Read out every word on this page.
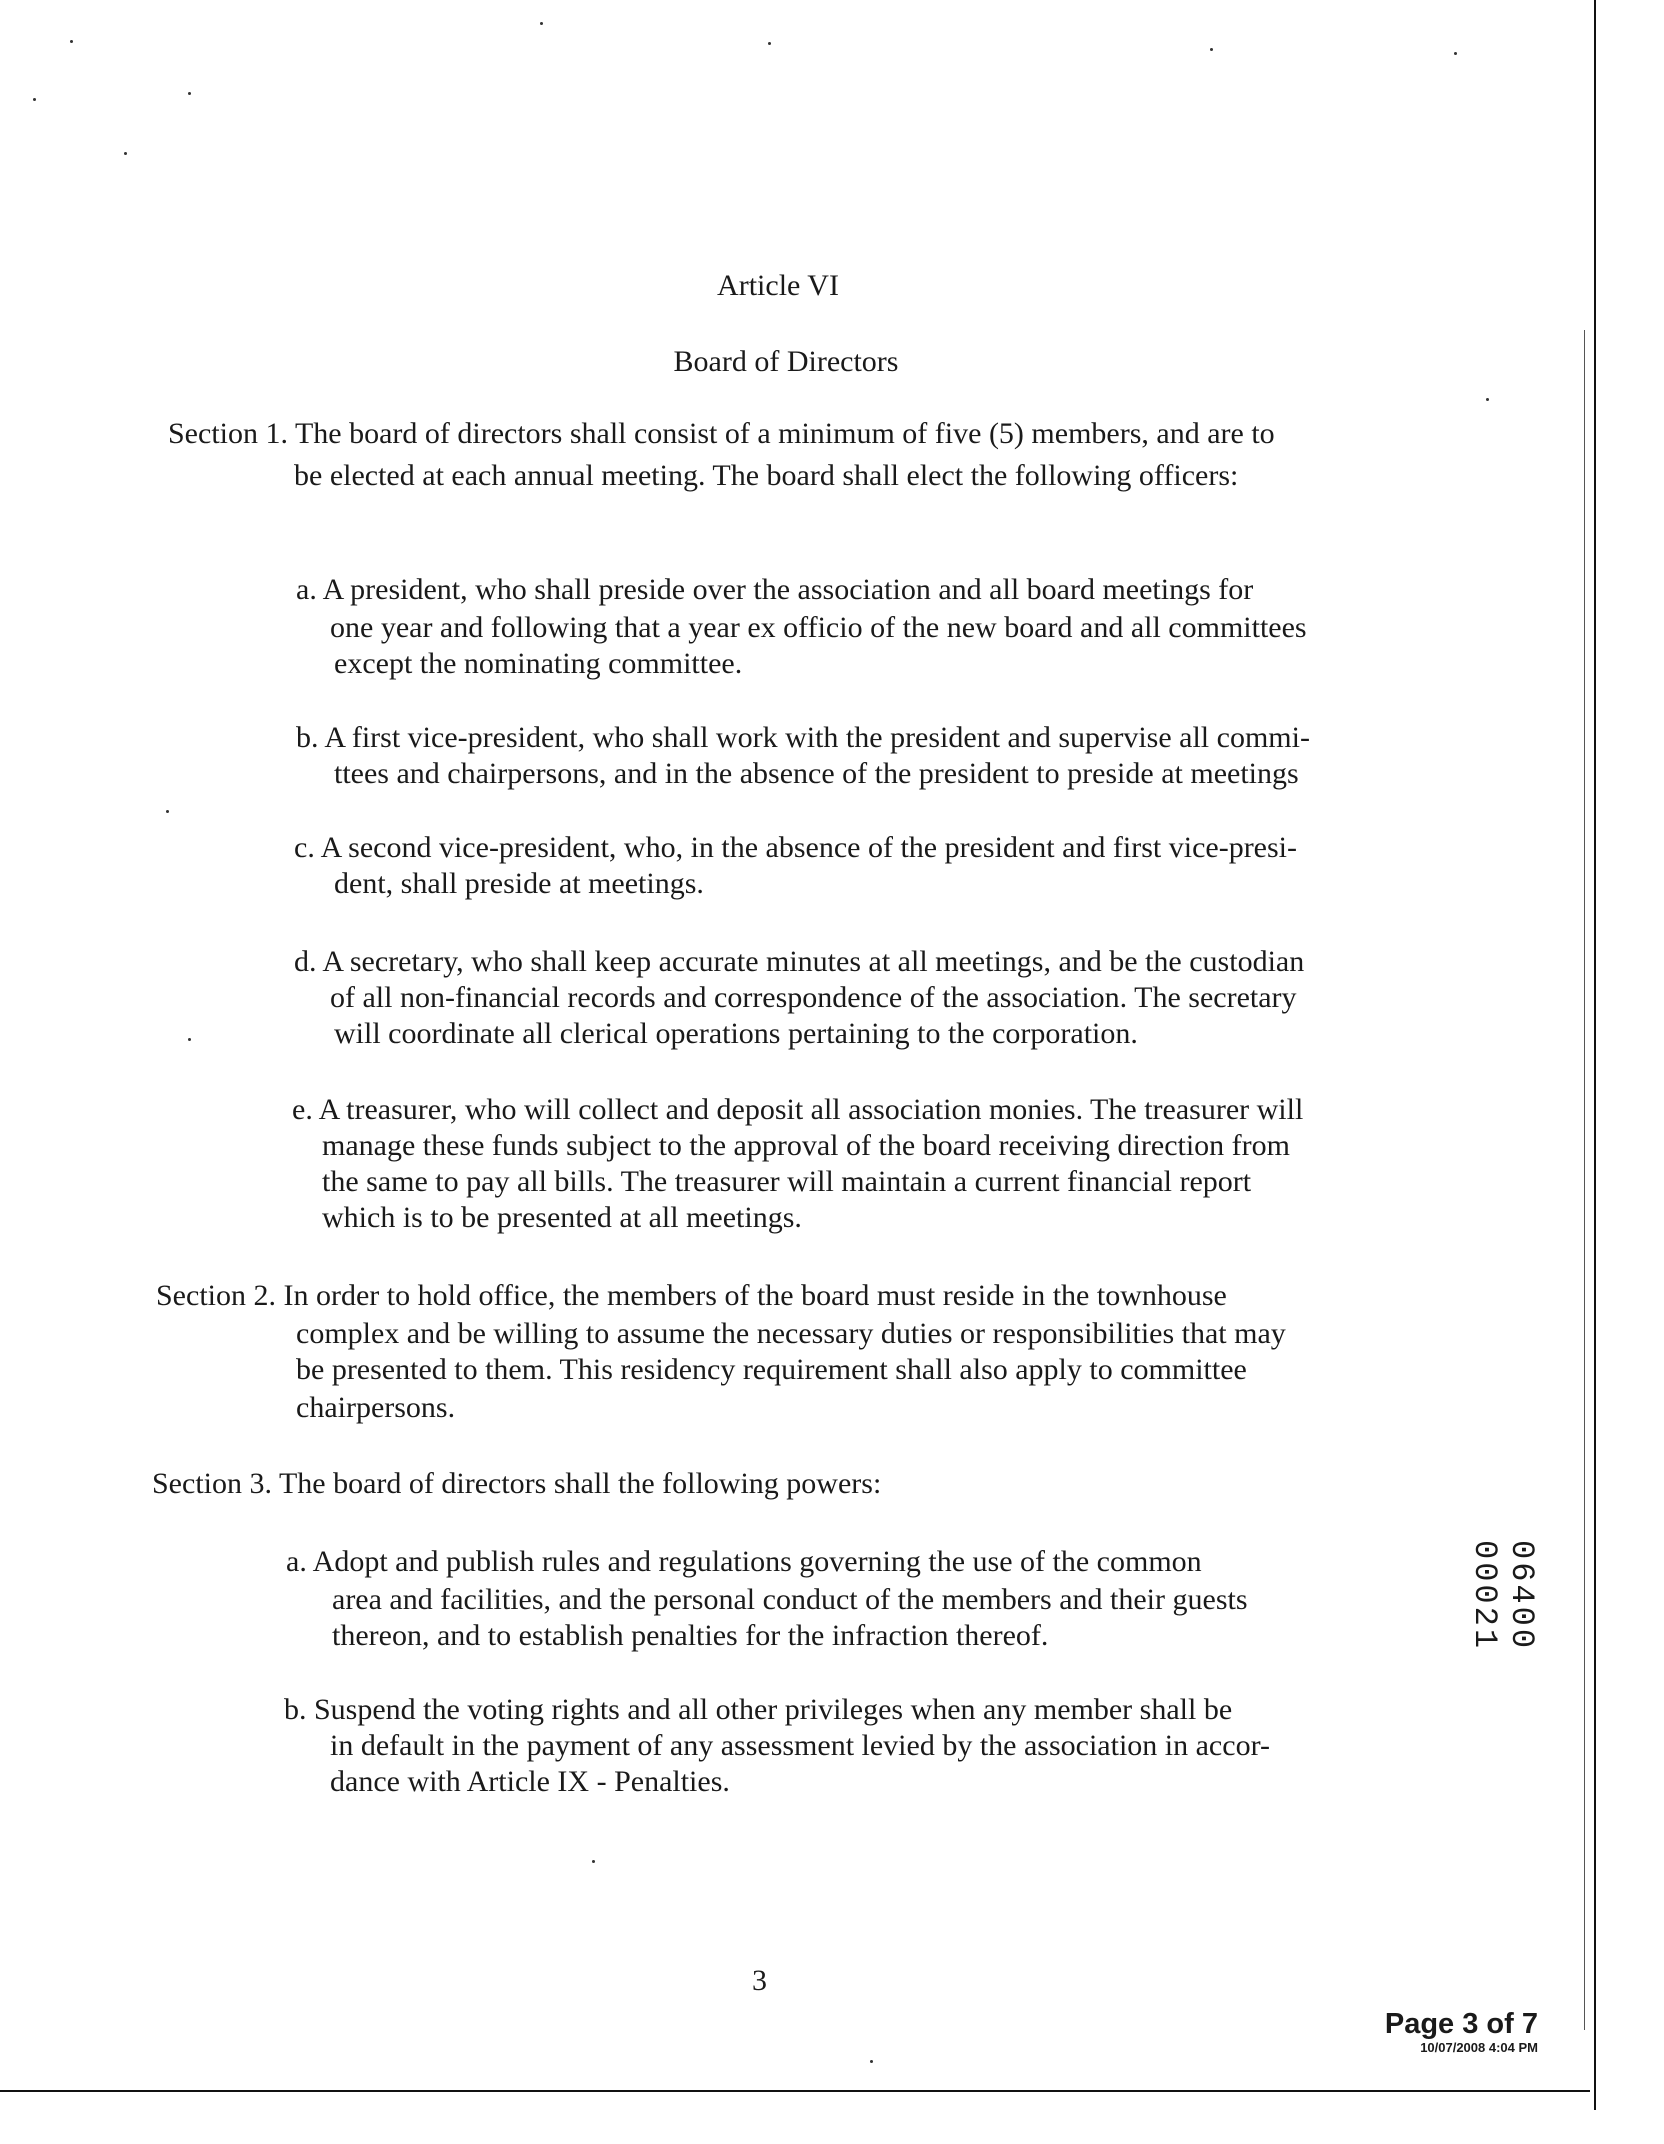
Article VI
Board of Directors
Section 1. The board of directors shall consist of a minimum of five (5) members, and are to
be elected at each annual meeting. The board shall elect the following officers:
a. A president, who shall preside over the association and all board meetings for
one year and following that a year ex officio of the new board and all committees
except the nominating committee.
b. A first vice-president, who shall work with the president and supervise all commi-
ttees and chairpersons, and in the absence of the president to preside at meetings
c. A second vice-president, who, in the absence of the president and first vice-presi-
dent, shall preside at meetings.
d. A secretary, who shall keep accurate minutes at all meetings, and be the custodian
of all non-financial records and correspondence of the association. The secretary
will coordinate all clerical operations pertaining to the corporation.
e. A treasurer, who will collect and deposit all association monies. The treasurer will
manage these funds subject to the approval of the board receiving direction from
the same to pay all bills. The treasurer will maintain a current financial report
which is to be presented at all meetings.
Section 2. In order to hold office, the members of the board must reside in the townhouse
complex and be willing to assume the necessary duties or responsibilities that may
be presented to them. This residency requirement shall also apply to committee
chairpersons.
Section 3. The board of directors shall the following powers:
a. Adopt and publish rules and regulations governing the use of the common
area and facilities, and the personal conduct of the members and their guests
thereon, and to establish penalties for the infraction thereof.
b. Suspend the voting rights and all other privileges when any member shall be
in default in the payment of any assessment levied by the association in accor-
dance with Article IX - Penalties.
3
06400 00021
Page 3 of 7
10/07/2008 4:04 PM
